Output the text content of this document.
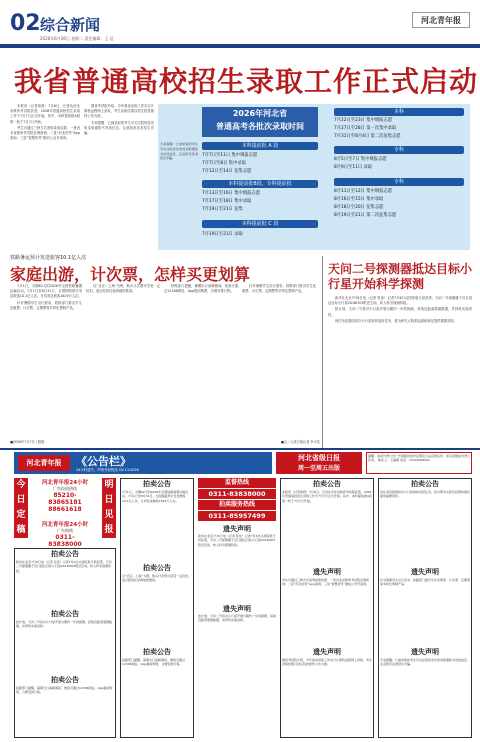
02 综合新闻
2026年6月16日 星期二 责任编辑：王 征
河北青年报
我省普通高校招生录取工作正式启动

本报讯（记者周莉）7月6日，记者从河北省教育考试院获悉，2026年普通高校招生录取工作于7月7日正式开始。其中，本科提前批A段第一轮于7月7日开始。

考生可通过三种方式查询录取结果：一是河北省教育考试院官网查询；二是“河北招考”App查询；三是“智慧招考”微信公众号查询。

据省考试院介绍，今年我省录取工作实行计算机远程网上录取，考生录取结果以招生院校最终公布为准。

专家提醒：已被录取的考生可关注院校发布的录取通知书发放信息，注意防范各类招生诈骗。

2026年河北省
普通高考各批次录取时间
本科提前批 A 段
7月7日至11日 集中填报志愿
7月7日至8日 集中录取
7月12日至14日 征集志愿
本科提前批B段、专科提前批
7月13日至16日 集中填报志愿
7月17日至18日 集中录取
7月19日至21日 征集
本科提前批 C 段
7月19日至21日 录取
本科
7月22日至23日 集中填报志愿
7月27日至28日 第一次集中录取
7月31日至8月4日 第二次征集志愿
专科
8月5日至7日 集中填报志愿
8月9日至11日 录取
专科
8月11日至12日 集中填报志愿
8月16日至15日 集中录取
8月18日至20日 征集志愿
8月19日至21日 第二次征集志愿
专家提醒：已被录取的考生可关注院校发布的录取通知书发放信息，注意防范各类招生诈骗。
铁路暑运预计发送旅客10.1亿人次
家庭出游，计次票，怎样买更划算

7月1日，为期62天的2026年全国铁路暑期运输启动。7月1日至8月31日，全国铁路预计发送旅客10.1亿人次，日均发送旅客1629万人次。

针对暑期学生出行需求，铁路部门推出学生优惠票、计次票、定期票等多样化票制产品。

以“北京－上海”为例，购买计次票可享受一定折扣，适合经常往返两地的旅客。

铁路部门提醒，暑期出行高峰期间，旅客可通过12306网站、App提前购票，合理安排行程。

针对暑期学生出行需求，铁路部门推出学生优惠票、计次票、定期票等多样化票制产品。

■2026年7月7日 / 版面：	■文／人民日报记者 李小花
天问二号探测器抵达目标小行星开始科学探测

新华社北京7月6日电（记者 张泉）记者7月6日从国家航天局获悉，天问二号探测器于近日抵达目标小行星2016HO3附近空间，转入科学探测阶段。

按计划，天问二号将对小行星开展为期约一年的探测，获取近距离观测数据，并择机实施采样。

该任务是我国首次小行星取样返回任务，将为研究太阳系起源和演化提供重要资料。

河北青年报	《公告栏》
24小时遗失、声明刊登热线 CN 13-0026
河北省级日报
周一至周五出版
提醒：本报刊登公告广告须提供身份证明及合法有效证件，如有虚假由刊登人负责。 联系人：王编辑 电话：13303008641
今
日
定
稿
河北青年报24小时
广告投放热线
85210-
83865181
88661618
河北青年报24小时
广告热线
0311-
83838000
明
日
见
报
拍卖公告
7月1日，为期62天的2026年全国铁路暑期运输启动。7月1日至8月31日，全国铁路预计发送旅客10.1亿人次，日均发送旅客1629万人次。
拍卖公告
以“北京－上海”为例，购买计次票可享受一定折扣，适合经常往返两地的旅客。
拍卖公告
铁路部门提醒，暑期出行高峰期间，旅客可通过12306网站、App提前购票，合理安排行程。
监督热线
0311-83838000
拍卖服务热线
0311-85957499
遗失声明
新华社北京7月6日电（记者 张泉）记者7月6日从国家航天局获悉，天问二号探测器于近日抵达目标小行星2016HO3附近空间，转入科学探测阶段。
遗失声明
按计划，天问二号将对小行星开展为期约一年的探测，获取近距离观测数据，并择机实施采样。
拍卖公告
本报讯（记者周莉）7月6日，记者从河北省教育考试院获悉，2026年普通高校招生录取工作于7月7日正式开始。其中，本科提前批A段第一轮于7月7日开始。
遗失声明
考生可通过三种方式查询录取结果：一是河北省教育考试院官网查询；二是“河北招考”App查询；三是“智慧招考”微信公众号查询。
遗失声明
据省考试院介绍，今年我省录取工作实行计算机远程网上录取，考生录取结果以招生院校最终公布为准。
拍卖公告
该任务是我国首次小行星取样返回任务，将为研究太阳系起源和演化提供重要资料。
遗失声明
针对暑期学生出行需求，铁路部门推出学生优惠票、计次票、定期票等多样化票制产品。
遗失声明
专家提醒：已被录取的考生可关注院校发布的录取通知书发放信息，注意防范各类招生诈骗。
拍卖公告
新华社北京7月6日电（记者 张泉）记者7月6日从国家航天局获悉，天问二号探测器于近日抵达目标小行星2016HO3附近空间，转入科学探测阶段。
拍卖公告
按计划，天问二号将对小行星开展为期约一年的探测，获取近距离观测数据，并择机实施采样。
拍卖公告
铁路部门提醒，暑期出行高峰期间，旅客可通过12306网站、App提前购票，合理安排行程。
